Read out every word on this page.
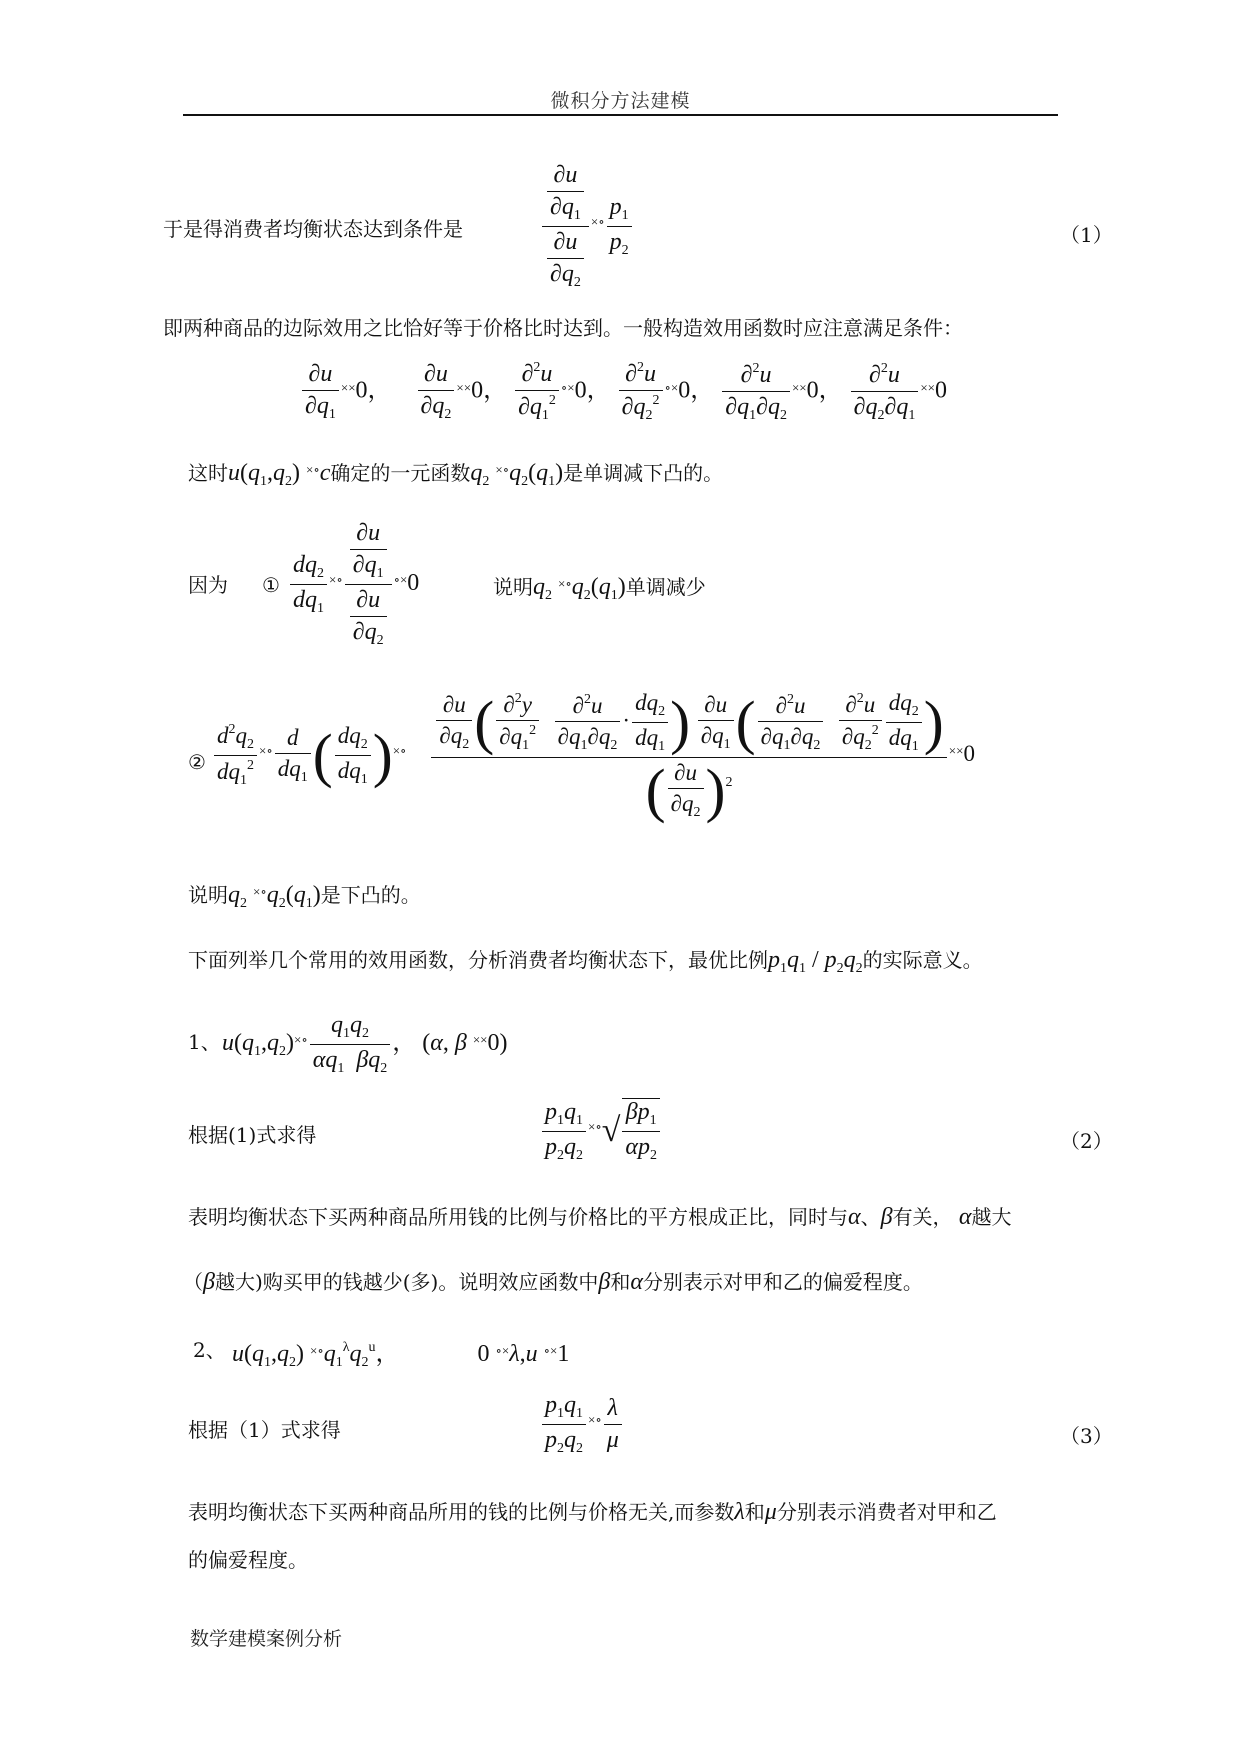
微积分方法建模
于是得消费者均衡状态达到条件是	$\frac{\frac{\partial u}{\partial q_1}}{\frac{\partial u}{\partial q_2}} ^{\times\circ} \frac{p_1}{p_2}$	（1）
即两种商品的边际效用之比恰好等于价格比时达到。一般构造效用函数时应注意满足条件：
$\frac{\partial u}{\partial q_1} ^{\times\times}0$， $\frac{\partial u}{\partial q_2} ^{\times\times}0$， $\frac{\partial^2u}{\partial q_1^2} ^{\circ\times}0$， $\frac{\partial^2u}{\partial q_2^2} ^{\circ\times}0$， $\frac{\partial^2u}{\partial q_1\partial q_2} ^{\times\times}0$， $\frac{\partial^2u}{\partial q_2\partial q_1} ^{\times\times}0$
这时$u(q_1,q_2)$ ×∘c确定的一元函数$q_2$ $^{\times\circ}q_2(q_1)$是单调减下凸的。
因为 ① $\frac{dq_2}{dq_1} ^{\times\circ} \frac{\frac{\partial u}{\partial q_1}}{\frac{\partial u}{\partial q_2}} ^{\circ\times}0$	说明$q_2$ $^{\times\circ}q_2(q_1)$单调减少
② $\frac{d^2q_2}{dq_1^2} ^{\times\circ} \frac{d}{dq_1}$ ( $\frac{dq_2}{dq_1} )^{\times\circ} \frac{\partial u}{\partial q_2}$ ( $\frac{\partial^2y}{\partial q_1^2}$
$\frac{\partial^2u}{\partial q_1\partial q_2} \cdot \frac{dq_2}{dq_1}$ ) $\frac{\partial u}{\partial q_1}$ ( $\frac{\partial^2u}{\partial q_1\partial q_2}$
$\frac{\partial^2u}{\partial q_2^2} \frac{dq_2}{dq_1}$ )
( $\frac{\partial u}{\partial q_2} )^2$
××0
说明$q_2$ $^{\times\circ}q_2(q_1)$是下凸的。
下面列举几个常用的效用函数，分析消费者均衡状态下，最优比例$p_1q_1 / p_2q_2$的实际意义。
1、 $u(q_1,q_2)^{\times\circ} \frac{q_1q_2}{\alpha q_1 \beta q_2}$ ， (α, β ××0)
根据(1)式求得	$\frac{p_1q_1}{p_2q_2} ^{\times\circ}√ \frac{\beta p_1}{\alpha p_2}$	（2）
表明均衡状态下买两种商品所用钱的比例与价格比的平方根成正比，同时与α、β有关， α越大
（β越大)购买甲的钱越少(多)。说明效应函数中β和α分别表示对甲和乙的偏爱程度。
2、 $u(q_1,q_2)$ $^{\times\circ}q_1^\lambda q_2^u$，	0 ∘×λ,u ∘×1
根据（1）式求得	$\frac{p_1q_1}{p_2q_2} ^{\times\circ} \frac{\lambda}{\mu}$	（3）
表明均衡状态下买两种商品所用的钱的比例与价格无关,而参数λ和μ分别表示消费者对甲和乙
的偏爱程度。
数学建模案例分析
